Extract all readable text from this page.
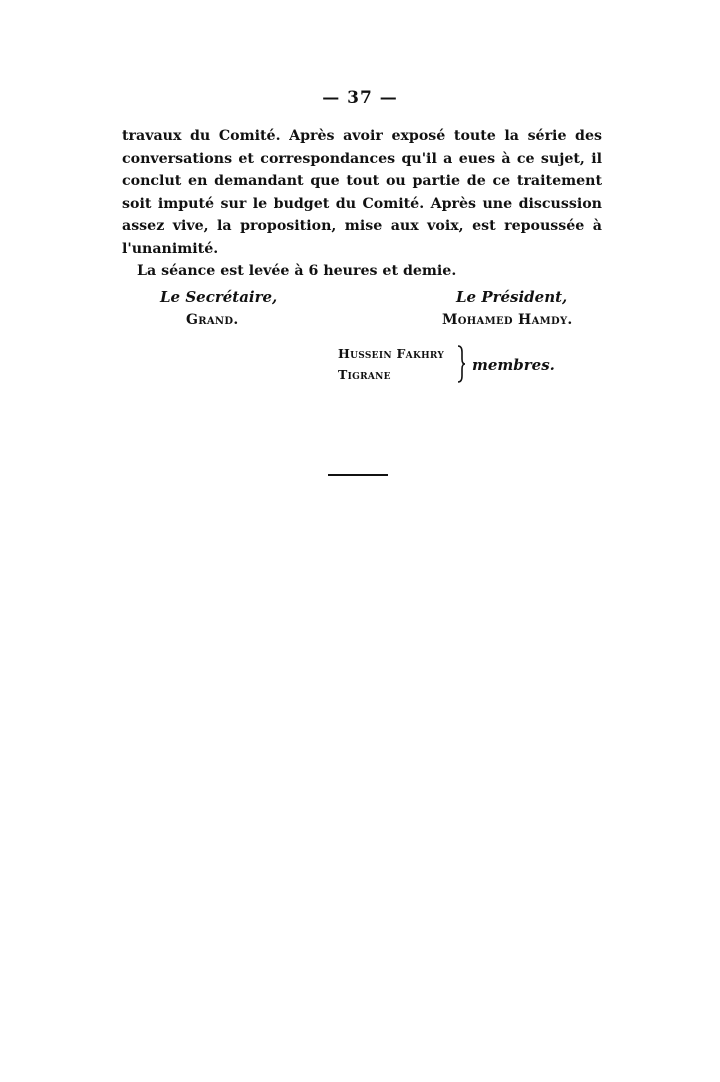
— 37 —

travaux du Comité. Après avoir exposé toute la série des conversations et correspondances qu'il a eues à ce sujet, il conclut en demandant que tout ou partie de ce traitement soit imputé sur le budget du Comité. Après une discussion assez vive, la proposition, mise aux voix, est repoussée à l'unanimité.

La séance est levée à 6 heures et demie.

Le Secrétaire,
Grand.
Le Président,
Mohamed Hamdy.
Hussein Fakhry
Tigrane
membres.
